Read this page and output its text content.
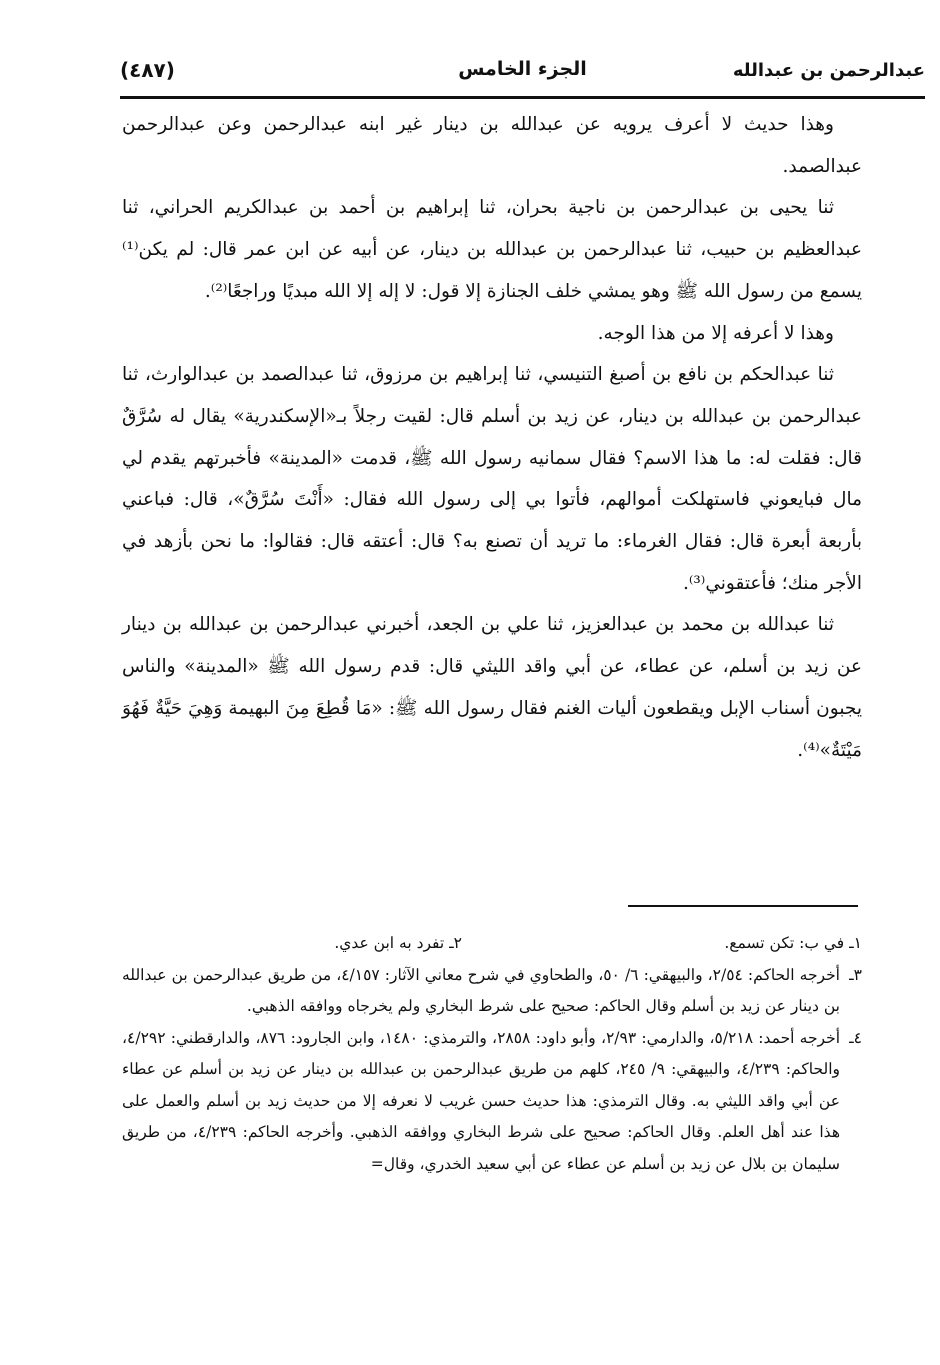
عبدالرحمن بن عبدالله
الجزء الخامس
(٤٨٧)

وهذا حديث لا أعرف يرويه عن عبدالله بن دينار غير ابنه عبدالرحمن وعن عبدالرحمن عبدالصمد.

ثنا يحيى بن عبدالرحمن بن ناجية بحران، ثنا إبراهيم بن أحمد بن عبدالكريم الحراني، ثنا عبدالعظيم بن حبيب، ثنا عبدالرحمن بن عبدالله بن دينار، عن أبيه عن ابن عمر قال: لم يكن⁽¹⁾ يسمع من رسول الله ﷺ وهو يمشي خلف الجنازة إلا قول: لا إله إلا الله مبديًا وراجعًا⁽²⁾.

وهذا لا أعرفه إلا من هذا الوجه.

ثنا عبدالحكم بن نافع بن أصبغ التنيسي، ثنا إبراهيم بن مرزوق، ثنا عبدالصمد بن عبدالوارث، ثنا عبدالرحمن بن عبدالله بن دينار، عن زيد بن أسلم قال: لقيت رجلاً بـ«الإسكندرية» يقال له سُرَّقٌ قال: فقلت له: ما هذا الاسم؟ فقال سمانيه رسول الله ﷺ، قدمت «المدينة» فأخبرتهم يقدم لي مال فبايعوني فاستهلكت أموالهم، فأتوا بي إلى رسول الله فقال: «أَنْتَ سُرَّقٌ»، قال: فباعني بأربعة أبعرة قال: فقال الغرماء: ما تريد أن تصنع به؟ قال: أعتقه قال: فقالوا: ما نحن بأزهد في الأجر منك؛ فأعتقوني⁽³⁾.

ثنا عبدالله بن محمد بن عبدالعزيز، ثنا علي بن الجعد، أخبرني عبدالرحمن بن عبدالله بن دينار عن زيد بن أسلم، عن عطاء، عن أبي واقد الليثي قال: قدم رسول الله ﷺ «المدينة» والناس يجبون أسناب الإبل ويقطعون أليات الغنم فقال رسول الله ﷺ: «مَا قُطِعَ مِنَ البهيمة وَهِيَ حَيَّةٌ فَهُوَ مَيْتَةٌ»⁽⁴⁾.

١ـ في ب: تكن تسمع.
٢ـ تفرد به ابن عدي.
٣ـ

أخرجه الحاكم: ٢/٥٤، والبيهقي: ٦/ ٥٠، والطحاوي في شرح معاني الآثار: ٤/١٥٧، من طريق عبدالرحمن بن عبدالله بن دينار عن زيد بن أسلم وقال الحاكم: صحيح على شرط البخاري ولم يخرجاه ووافقه الذهبي.

٤ـ

أخرجه أحمد: ٥/٢١٨، والدارمي: ٢/٩٣، وأبو داود: ٢٨٥٨، والترمذي: ١٤٨٠، وابن الجارود: ٨٧٦، والدارقطني: ٤/٢٩٢، والحاكم: ٤/٢٣٩، والبيهقي: ٩/ ٢٤٥، كلهم من طريق عبدالرحمن بن عبدالله بن دينار عن زيد بن أسلم عن عطاء عن أبي واقد الليثي به. وقال الترمذي: هذا حديث حسن غريب لا نعرفه إلا من حديث زيد بن أسلم والعمل على هذا عند أهل العلم. وقال الحاكم: صحيح على شرط البخاري ووافقه الذهبي. وأخرجه الحاكم: ٤/٢٣٩، من طريق سليمان بن بلال عن زيد بن أسلم عن عطاء عن أبي سعيد الخدري، وقال=
